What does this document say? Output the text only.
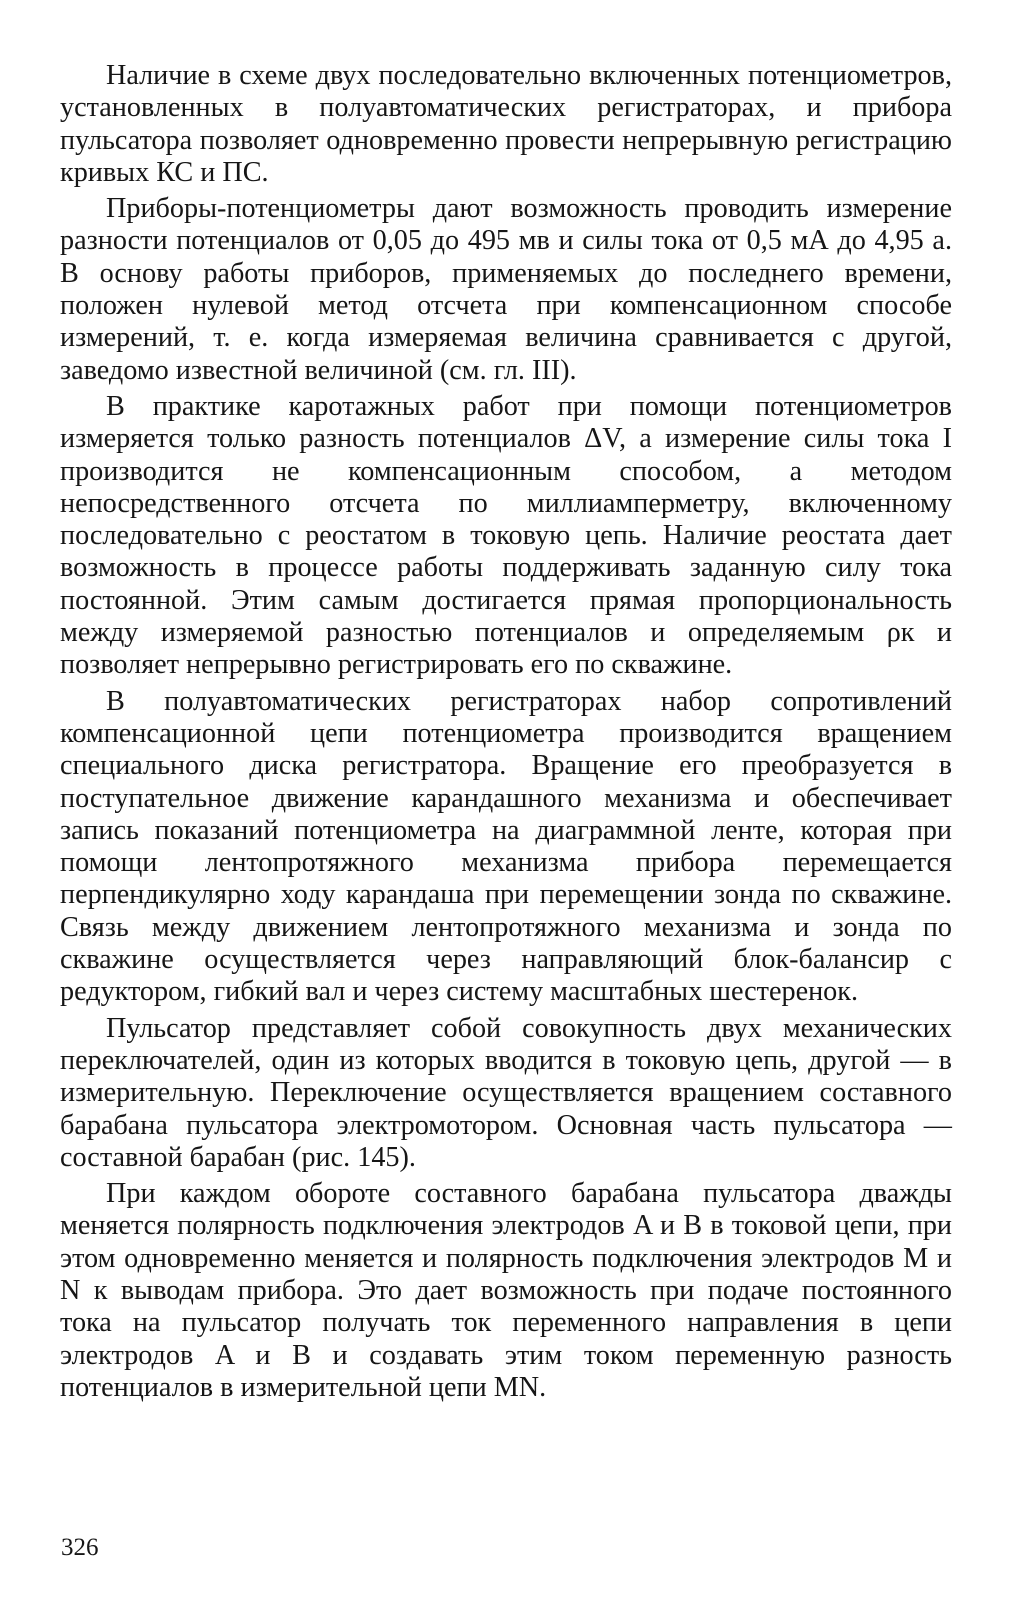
Наличие в схеме двух последовательно включенных потенциометров, установленных в полуавтоматических регистраторах, и прибора пульсатора позволяет одновременно провести непрерывную регистрацию кривых КС и ПС.

Приборы-потенциометры дают возможность проводить измерение разности потенциалов от 0,05 до 495 мв и силы тока от 0,5 мА до 4,95 а. В основу работы приборов, применяемых до последнего времени, положен нулевой метод отсчета при компенсационном способе измерений, т. е. когда измеряемая величина сравнивается с другой, заведомо известной величиной (см. гл. III).

В практике каротажных работ при помощи потенциометров измеряется только разность потенциалов ΔV, а измерение силы тока I производится не компенсационным способом, а методом непосредственного отсчета по миллиамперметру, включенному последовательно с реостатом в токовую цепь. Наличие реостата дает возможность в процессе работы поддерживать заданную силу тока постоянной. Этим самым достигается прямая пропорциональность между измеряемой разностью потенциалов и определяемым ρк и позволяет непрерывно регистрировать его по скважине.

В полуавтоматических регистраторах набор сопротивлений компенсационной цепи потенциометра производится вращением специального диска регистратора. Вращение его преобразуется в поступательное движение карандашного механизма и обеспечивает запись показаний потенциометра на диаграммной ленте, которая при помощи лентопротяжного механизма прибора перемещается перпендикулярно ходу карандаша при перемещении зонда по скважине. Связь между движением лентопротяжного механизма и зонда по скважине осуществляется через направляющий блок-балансир с редуктором, гибкий вал и через систему масштабных шестеренок.

Пульсатор представляет собой совокупность двух механических переключателей, один из которых вводится в токовую цепь, другой — в измерительную. Переключение осуществляется вращением составного барабана пульсатора электромотором. Основная часть пульсатора — составной барабан (рис. 145).

При каждом обороте составного барабана пульсатора дважды меняется полярность подключения электродов A и B в токовой цепи, при этом одновременно меняется и полярность подключения электродов M и N к выводам прибора. Это дает возможность при подаче постоянного тока на пульсатор получать ток переменного направления в цепи электродов A и B и создавать этим током переменную разность потенциалов в измерительной цепи MN.

326
